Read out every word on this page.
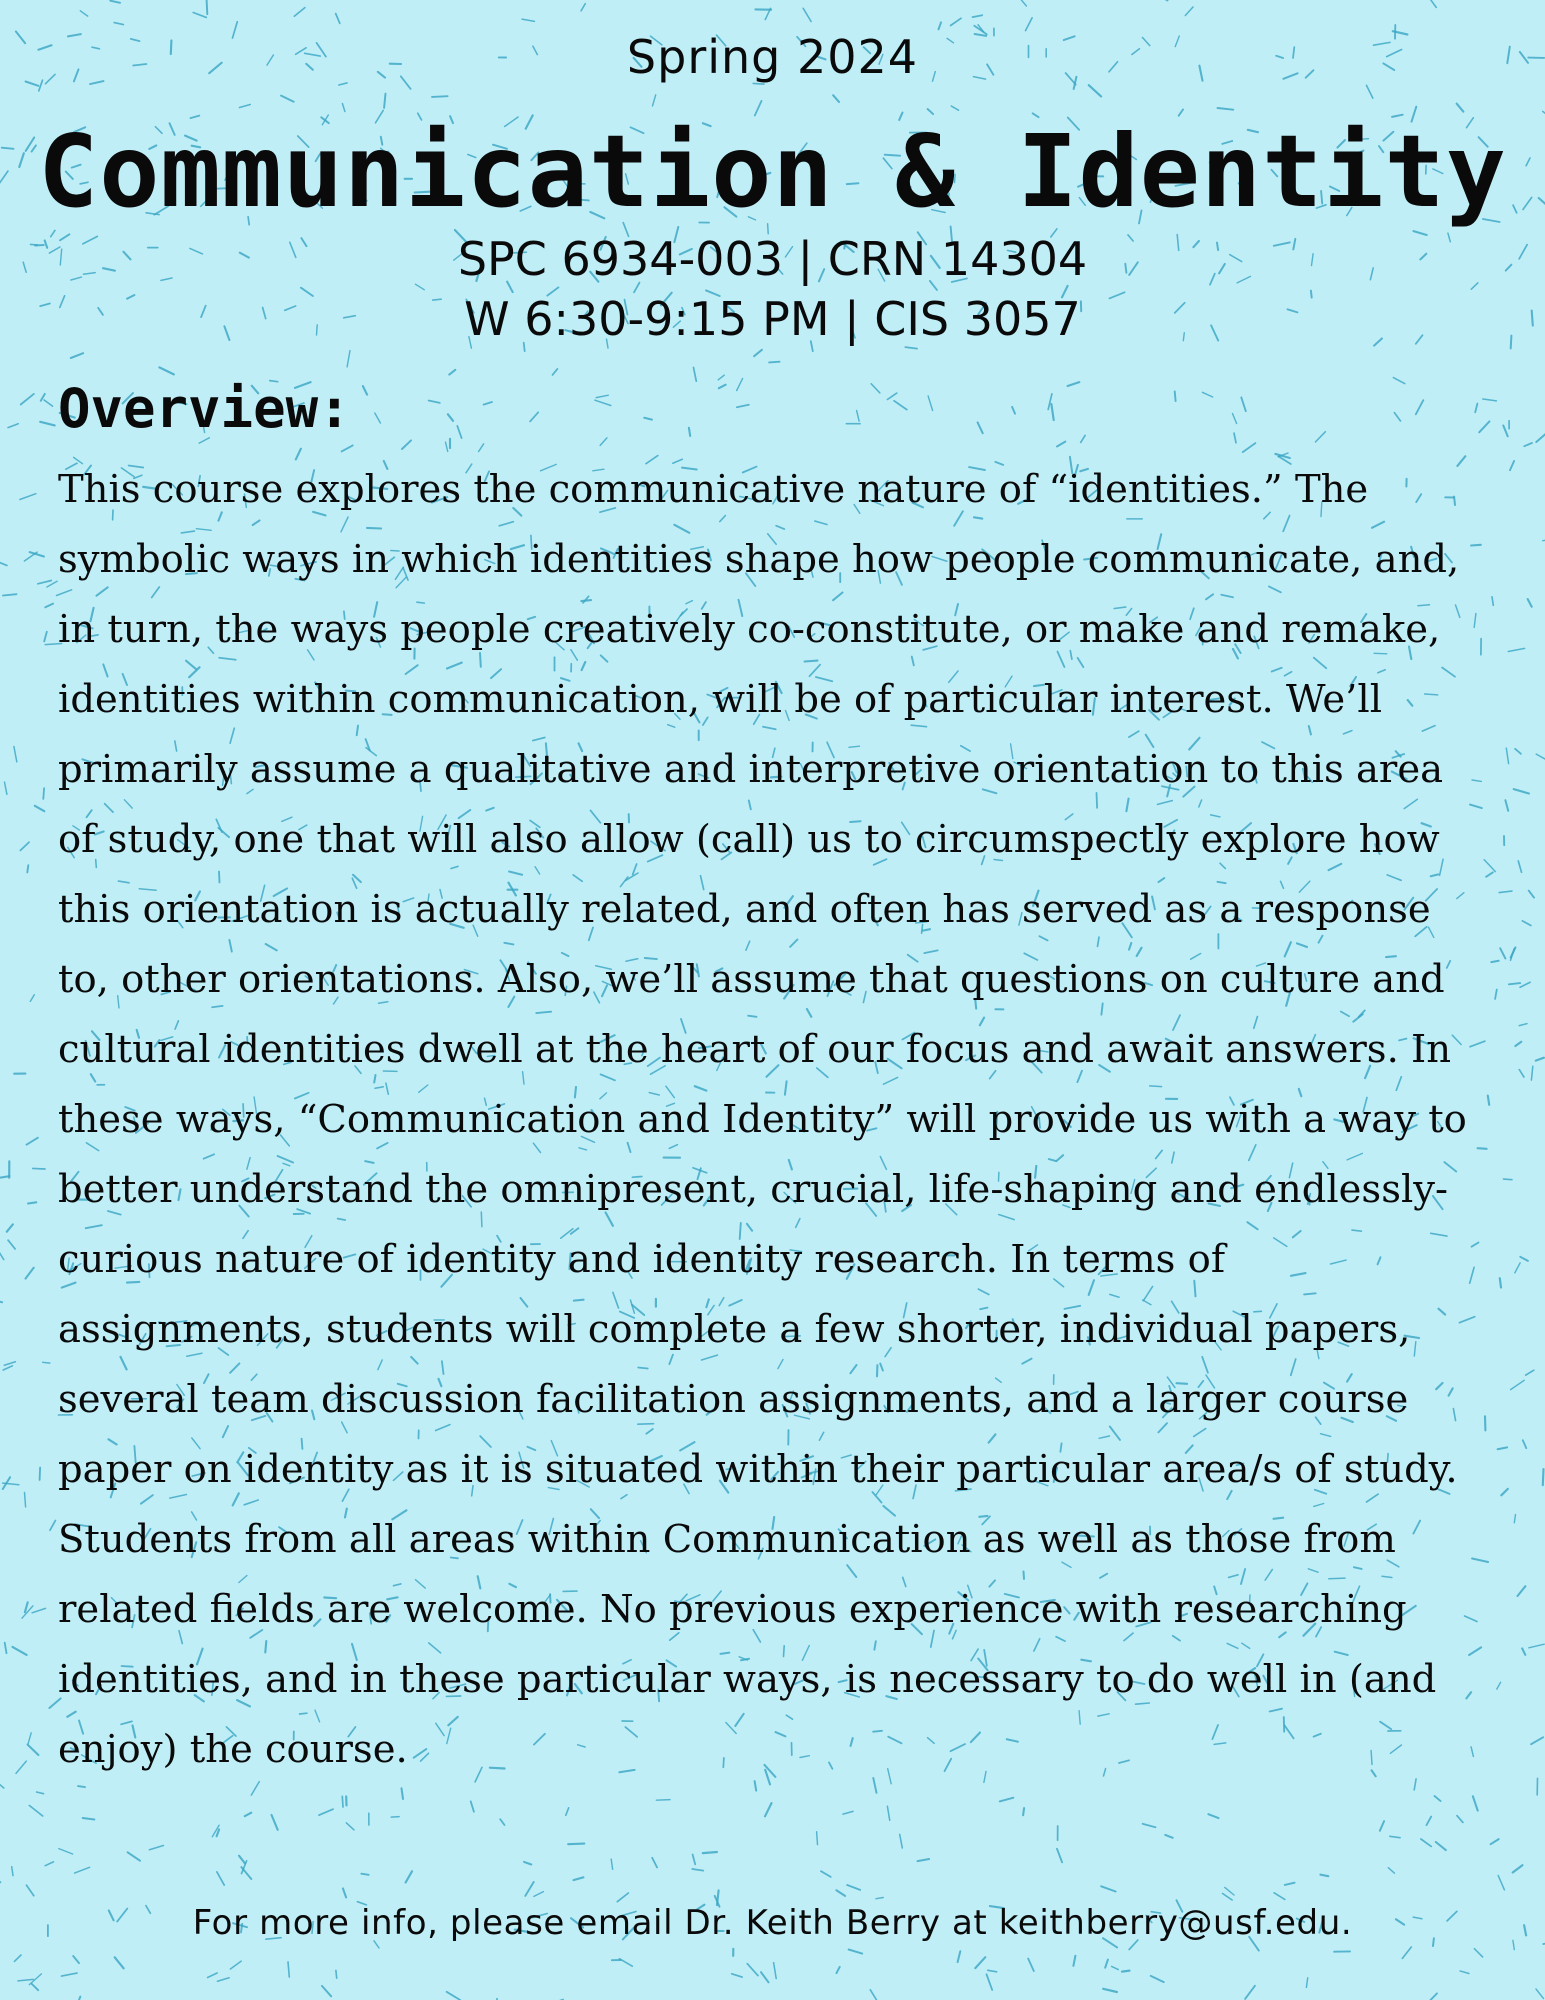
Spring 2024
Communication & Identity
SPC 6934-003 | CRN 14304
W 6:30-9:15 PM | CIS 3057
Overview:

This course explores the communicative nature of “identities.” The symbolic ways in which identities shape how people communicate, and, in turn, the ways people creatively co-constitute, or make and remake, identities within communication, will be of particular interest. We’ll primarily assume a qualitative and interpretive orientation to this area of study, one that will also allow (call) us to circumspectly explore how this orientation is actually related, and often has served as a response to, other orientations. Also, we’ll assume that questions on culture and cultural identities dwell at the heart of our focus and await answers. In these ways, “Communication and Identity” will provide us with a way to better understand the omnipresent, crucial, life-shaping and endlessly-curious nature of identity and identity research. In terms of assignments, students will complete a few shorter, individual papers, several team discussion facilitation assignments, and a larger course paper on identity as it is situated within their particular area/s of study. Students from all areas within Communication as well as those from related fields are welcome. No previous experience with researching identities, and in these particular ways, is necessary to do well in (and enjoy) the course.

For more info, please email Dr. Keith Berry at keithberry@usf.edu.
